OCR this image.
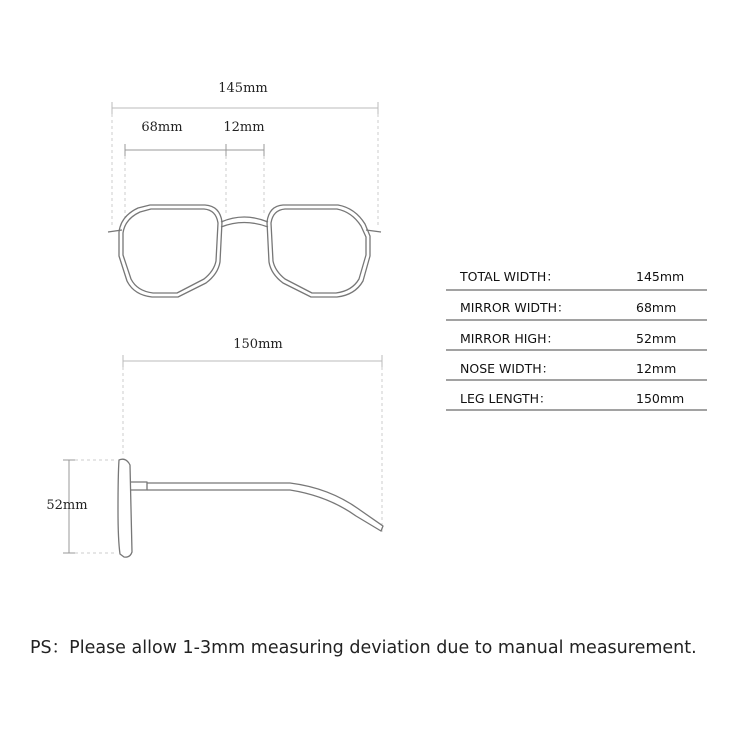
145mm
68mm	12mm
150mm
52mm
TOTAL WIDTH：	145mm
MIRROR WIDTH：	68mm
MIRROR HIGH：	52mm
NOSE WIDTH：	12mm
LEG LENGTH：	150mm
PS：Please allow 1-3mm measuring deviation due to manual measurement.
